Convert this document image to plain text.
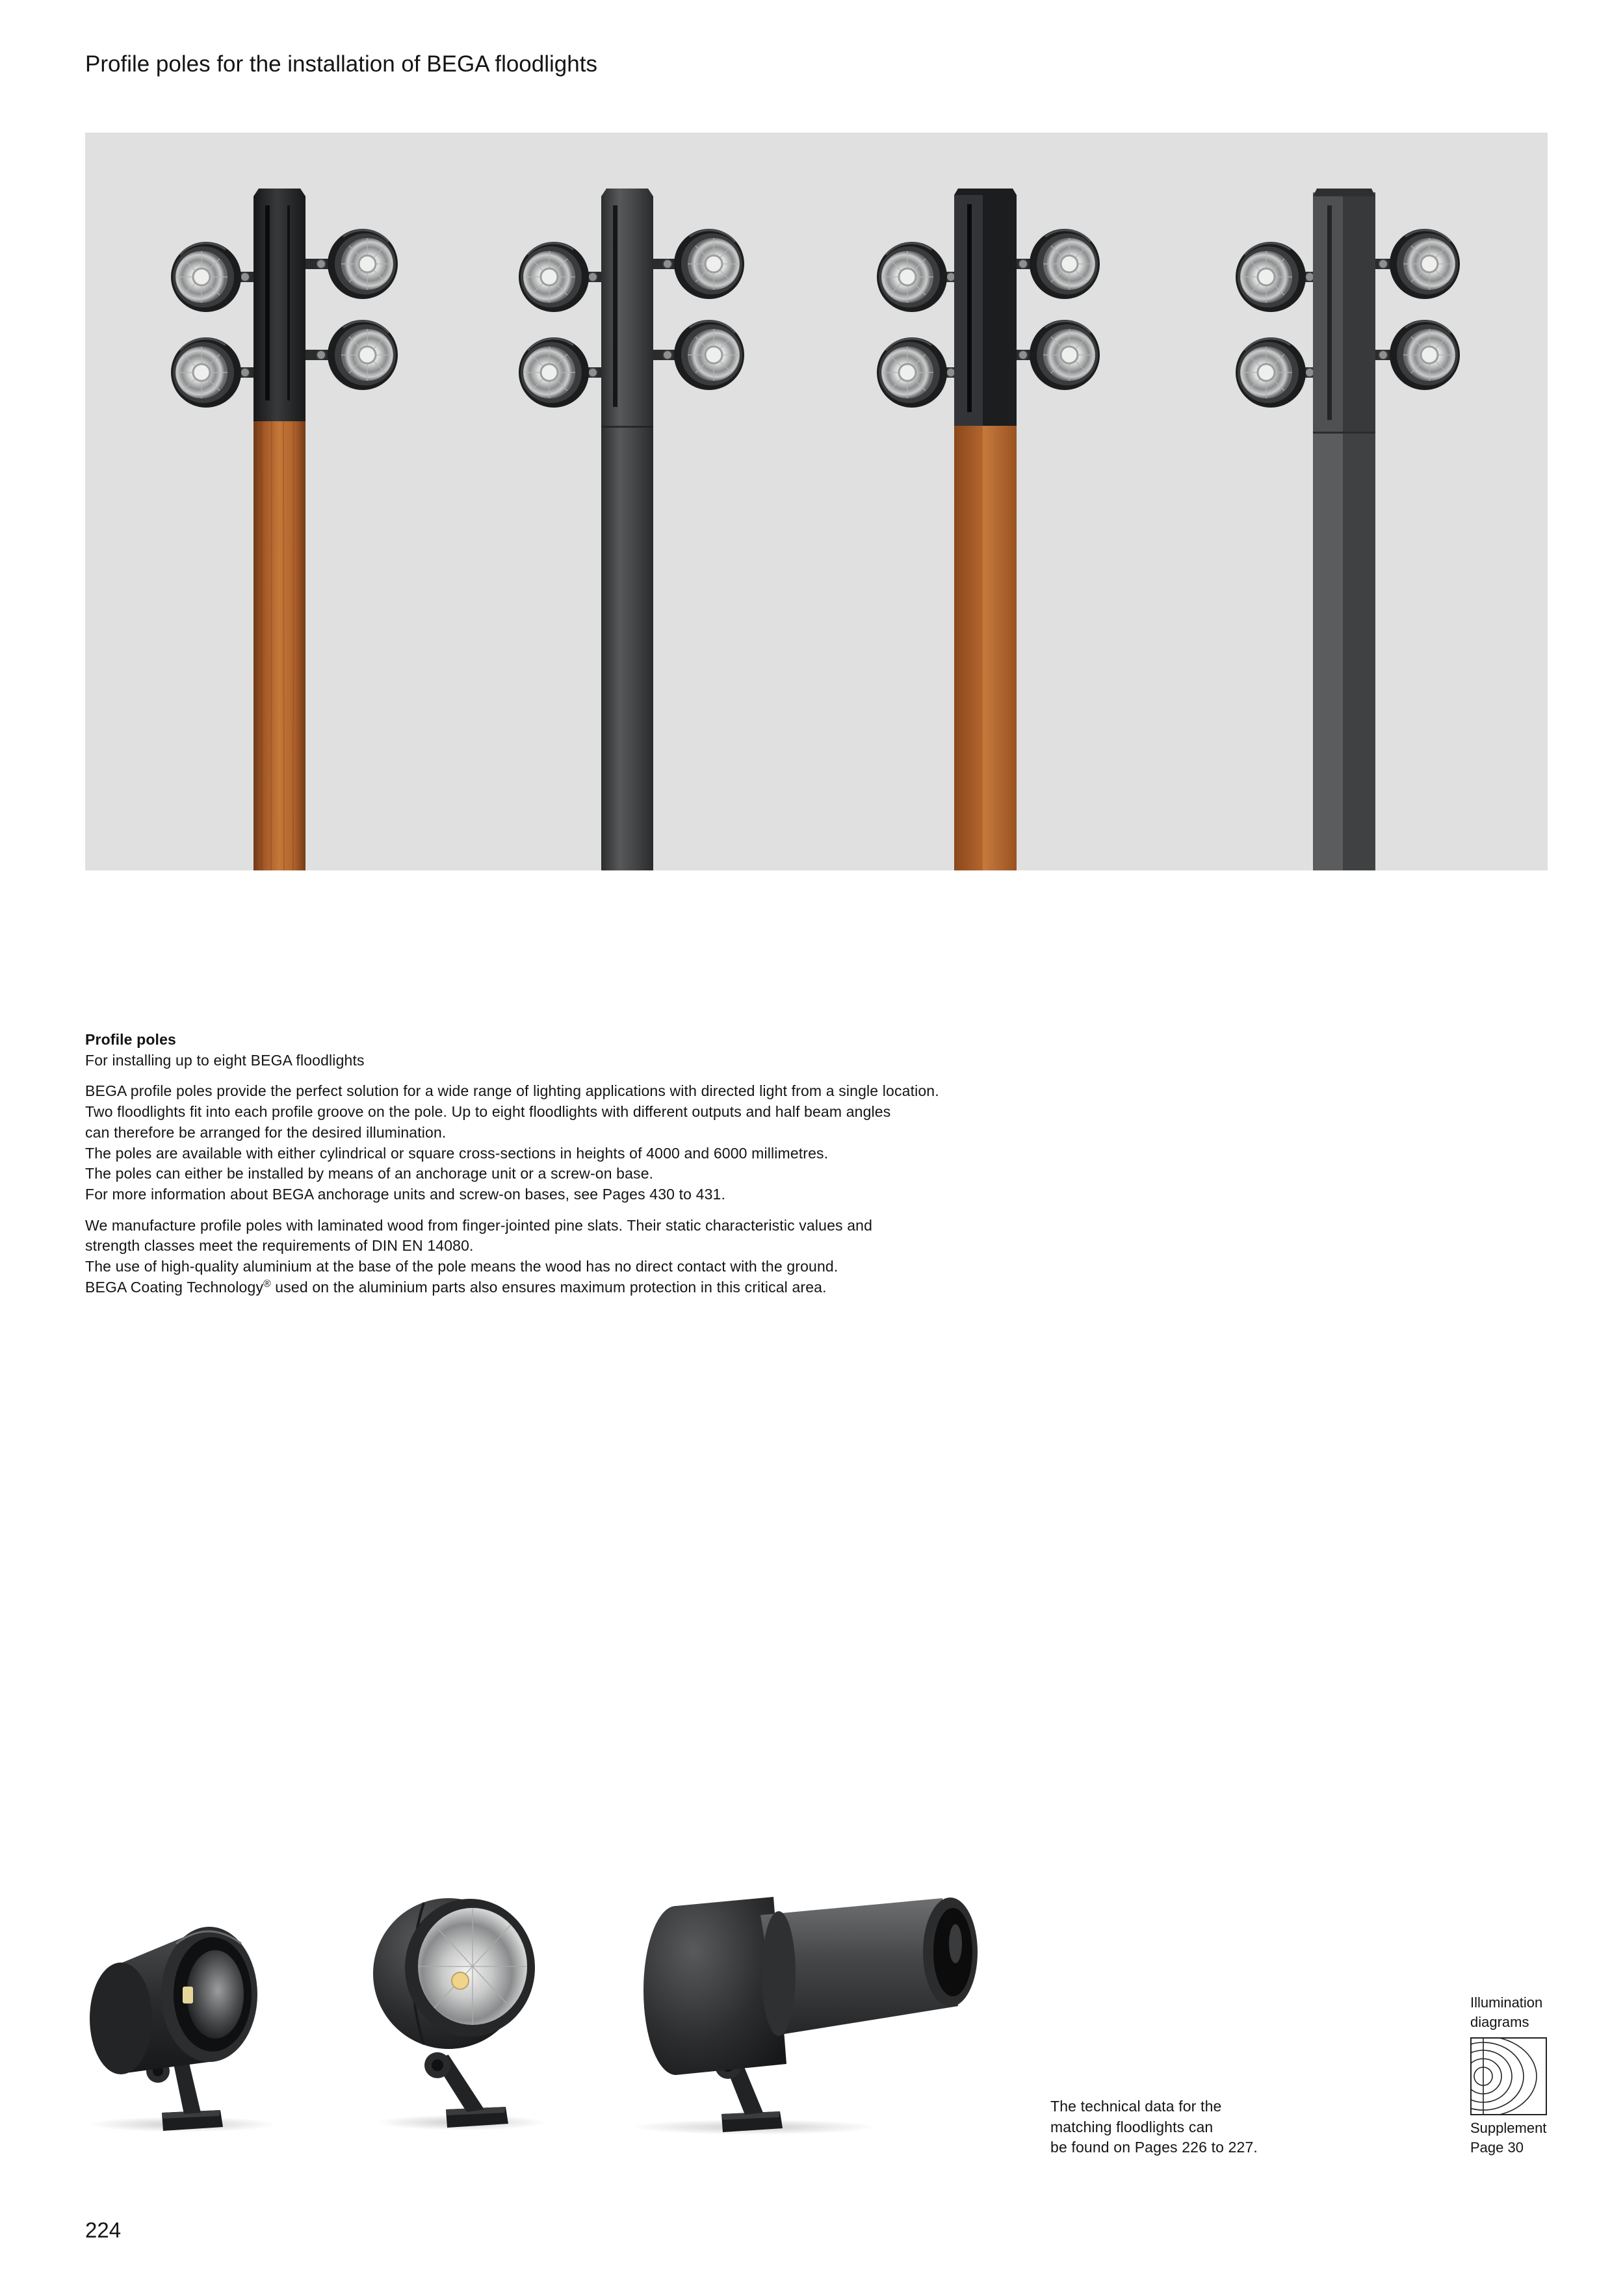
Profile poles for the installation of BEGA floodlights
Profile poles
For installing up to eight BEGA floodlights
BEGA profile poles provide the perfect solution for a wide range of lighting applications with directed light from a single location.
Two floodlights fit into each profile groove on the pole. Up to eight floodlights with different outputs and half beam angles
can therefore be arranged for the desired illumination.
The poles are available with either cylindrical or square cross-sections in heights of 4000 and 6000 millimetres.
The poles can either be installed by means of an anchorage unit or a screw-on base.
For more information about BEGA anchorage units and screw-on bases, see Pages 430 to 431.
We manufacture profile poles with laminated wood from finger-jointed pine slats. Their static characteristic values and
strength classes meet the requirements of DIN EN 14080.
The use of high-quality aluminium at the base of the pole means the wood has no direct contact with the ground.
BEGA Coating Technology® used on the aluminium parts also ensures maximum protection in this critical area.
The technical data for the
matching floodlights can
be found on Pages 226 to 227.
Illumination
diagrams
Supplement
Page 30
224
